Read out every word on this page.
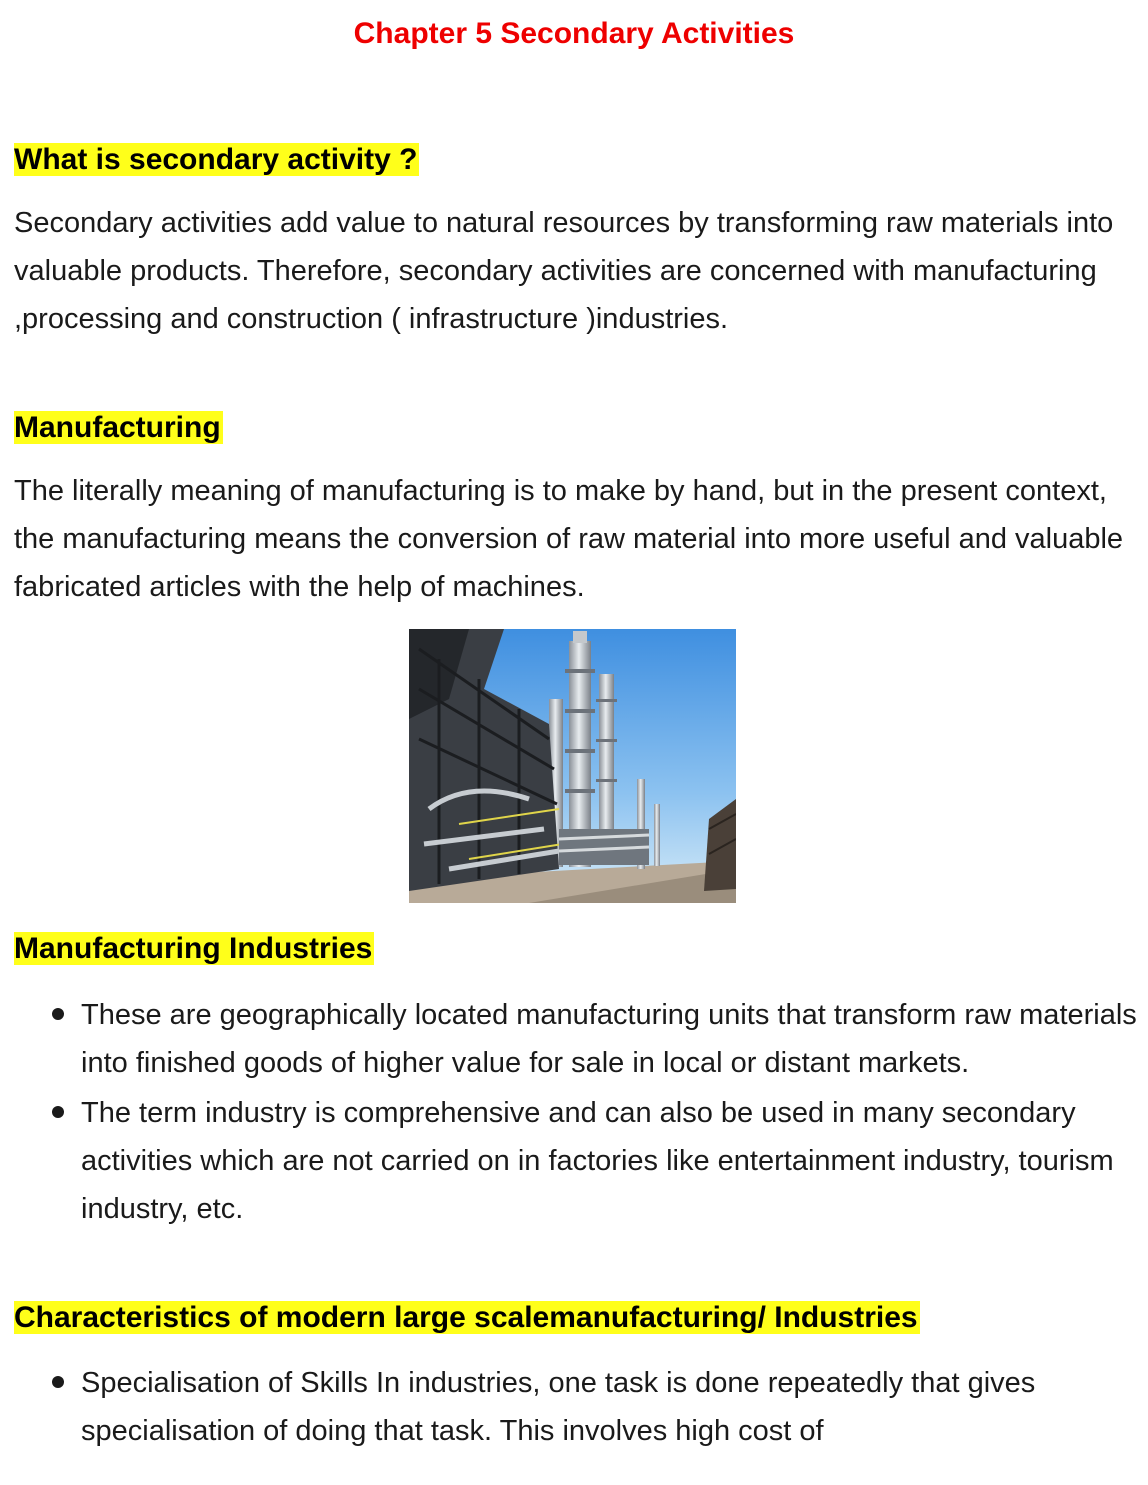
Chapter 5 Secondary Activities
What is secondary activity ?

Secondary activities add value to natural resources by transforming raw materials into valuable products. Therefore, secondary activities are concerned with manufacturing ,processing and construction ( infrastructure )industries.

Manufacturing

The literally meaning of manufacturing is to make by hand, but in the present context, the manufacturing means the conversion of raw material into more useful and valuable fabricated articles with the help of machines.

Manufacturing Industries
These are geographically located manufacturing units that transform raw materials into finished goods of higher value for sale in local or distant markets.
The term industry is comprehensive and can also be used in many secondary activities which are not carried on in factories like entertainment industry, tourism industry, etc.
Characteristics of modern large scalemanufacturing/ Industries
Specialisation of Skills In industries, one task is done repeatedly that gives specialisation of doing that task. This involves high cost of
